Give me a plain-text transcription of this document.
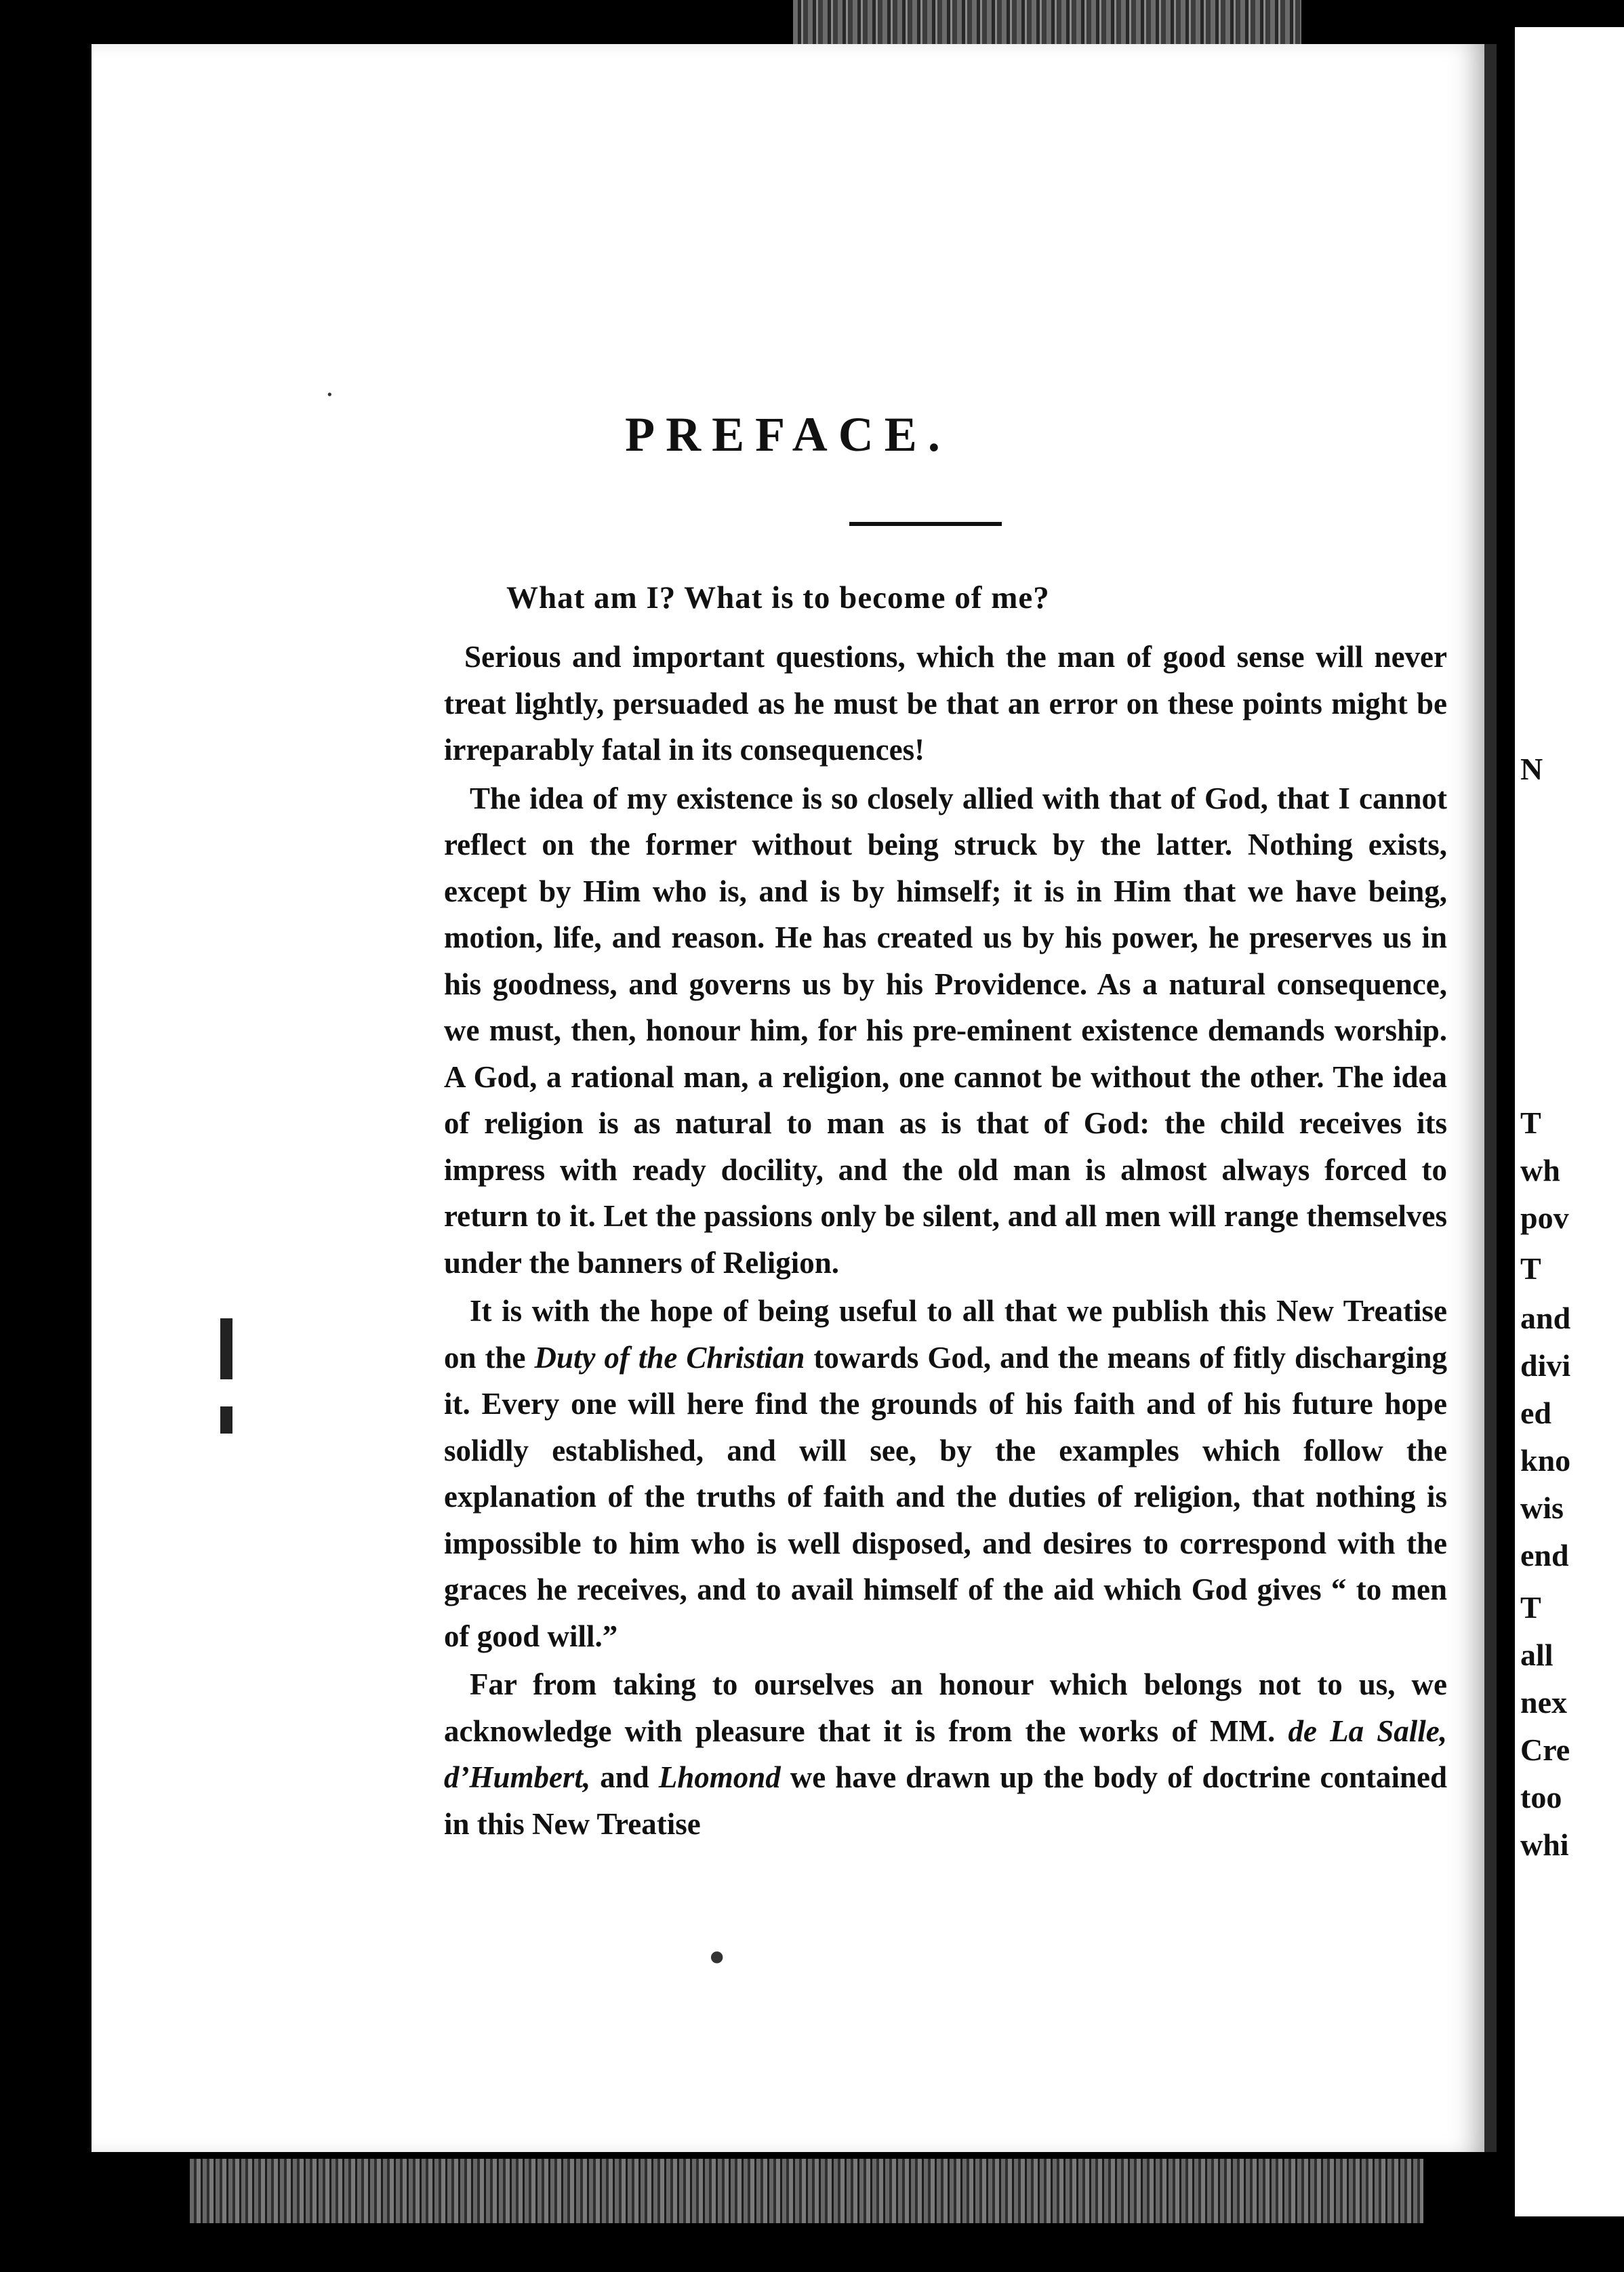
N
T
wh
pov
T
and
divi
ed
kno
wis
end
T
all
nex
Cre
too
whi
PREFACE.
What am I? What is to become of me?

Serious and important questions, which the man of good sense will never treat lightly, persuaded as he must be that an error on these points might be irreparably fatal in its consequences!

The idea of my existence is so closely allied with that of God, that I cannot reflect on the former without being struck by the latter. Nothing exists, except by Him who is, and is by himself; it is in Him that we have being, motion, life, and reason. He has created us by his power, he preserves us in his goodness, and governs us by his Providence. As a natural consequence, we must, then, honour him, for his pre-eminent existence demands worship. A God, a rational man, a religion, one cannot be without the other. The idea of religion is as natural to man as is that of God: the child receives its impress with ready docility, and the old man is almost always forced to return to it. Let the passions only be silent, and all men will range themselves under the banners of Religion.

It is with the hope of being useful to all that we publish this New Treatise on the Duty of the Christian towards God, and the means of fitly discharging it. Every one will here find the grounds of his faith and of his future hope solidly established, and will see, by the examples which follow the explanation of the truths of faith and the duties of religion, that nothing is impossible to him who is well disposed, and desires to correspond with the graces he receives, and to avail himself of the aid which God gives “ to men of good will.”

Far from taking to ourselves an honour which belongs not to us, we acknowledge with pleasure that it is from the works of MM. de La Salle, d’Humbert, and Lhomond we have drawn up the body of doctrine contained in this New Treatise

·
•
